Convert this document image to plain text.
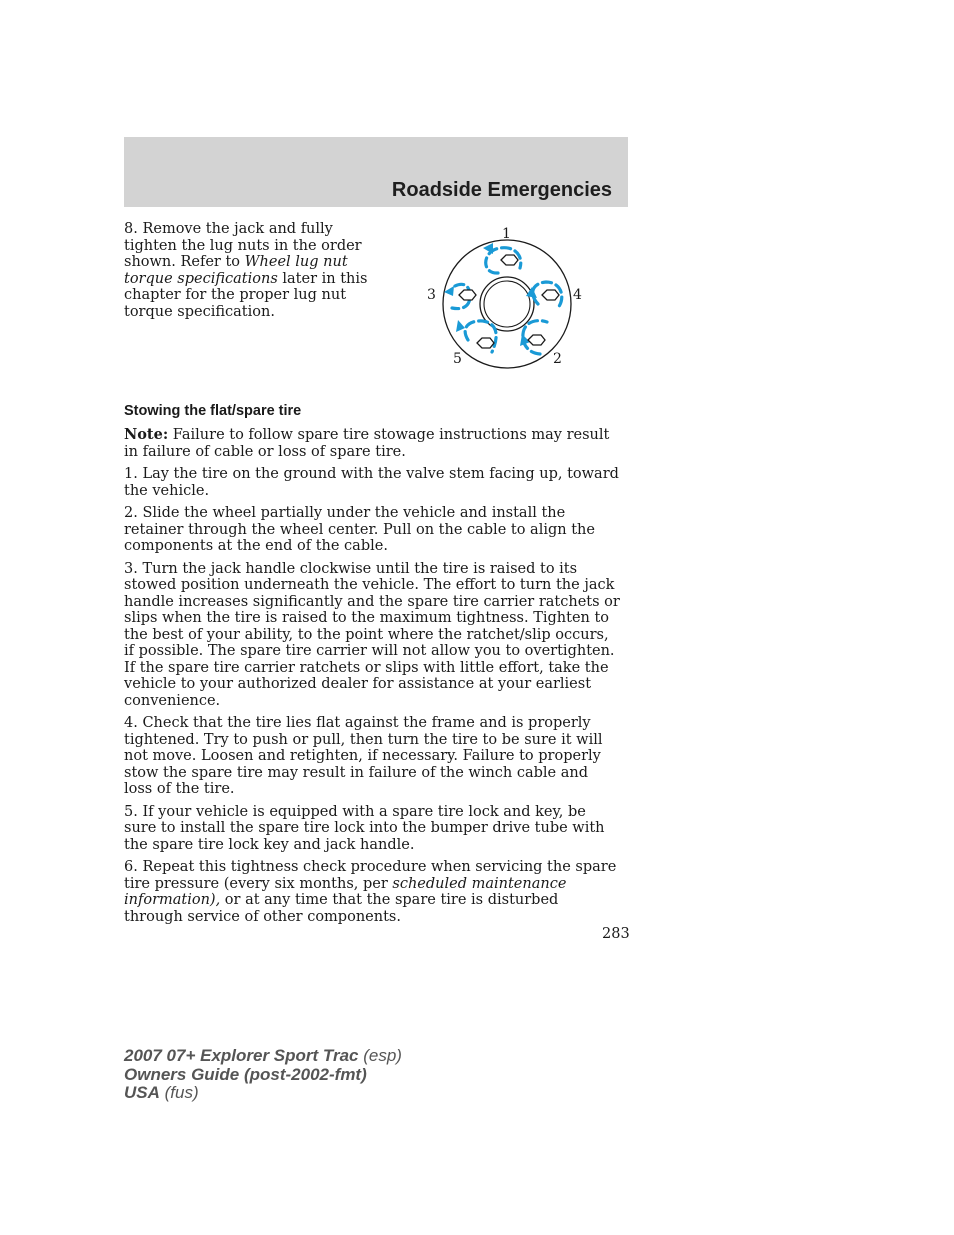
Roadside Emergencies
8. Remove the jack and fully tighten the lug nuts in the order shown. Refer to Wheel lug nut torque specifications later in this chapter for the proper lug nut torque specification.
1
2
3	4
5
Stowing the flat/spare tire

Note: Failure to follow spare tire stowage instructions may result in failure of cable or loss of spare tire.

1. Lay the tire on the ground with the valve stem facing up, toward the vehicle.

2. Slide the wheel partially under the vehicle and install the retainer through the wheel center. Pull on the cable to align the components at the end of the cable.

3. Turn the jack handle clockwise until the tire is raised to its stowed position underneath the vehicle. The effort to turn the jack handle increases significantly and the spare tire carrier ratchets or slips when the tire is raised to the maximum tightness. Tighten to the best of your ability, to the point where the ratchet/slip occurs, if possible. The spare tire carrier will not allow you to overtighten. If the spare tire carrier ratchets or slips with little effort, take the vehicle to your authorized dealer for assistance at your earliest convenience.

4. Check that the tire lies flat against the frame and is properly tightened. Try to push or pull, then turn the tire to be sure it will not move. Loosen and retighten, if necessary. Failure to properly stow the spare tire may result in failure of the winch cable and loss of the tire.

5. If your vehicle is equipped with a spare tire lock and key, be sure to install the spare tire lock into the bumper drive tube with the spare tire lock key and jack handle.

6. Repeat this tightness check procedure when servicing the spare tire pressure (every six months, per scheduled maintenance information), or at any time that the spare tire is disturbed through service of other components.

283
2007 07+ Explorer Sport Trac (esp)
Owners Guide (post-2002-fmt)
USA (fus)
